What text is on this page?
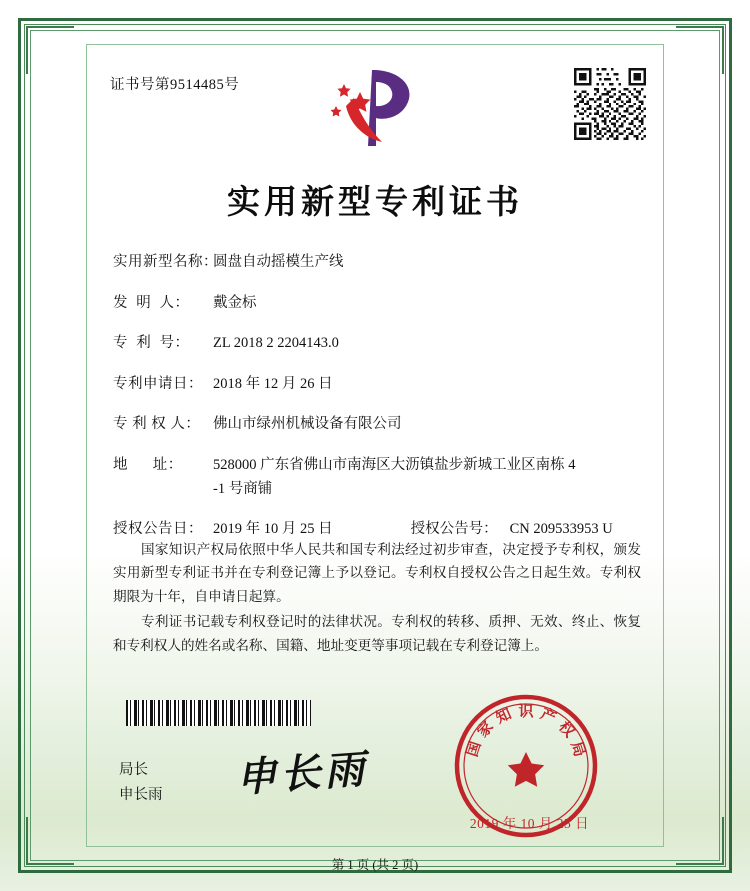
证书号第9514485号
实用新型专利证书
实用新型名称：
圆盘自动摇模生产线
发  明  人：	戴金标
专  利  号：	ZL 2018 2 2204143.0
专利申请日： 2018 年 12 月 26 日
专 利 权 人： 佛山市绿州机械设备有限公司
地      址：	528000 广东省佛山市南海区大沥镇盐步新城工业区南栋 4
-1 号商铺
授权公告日： 2019 年 10 月 25 日	授权公告号： CN 209533953 U

国家知识产权局依照中华人民共和国专利法经过初步审查，决定授予专利权，颁发实用新型专利证书并在专利登记簿上予以登记。专利权自授权公告之日起生效。专利权期限为十年，自申请日起算。

专利证书记载专利权登记时的法律状况。专利权的转移、质押、无效、终止、恢复和专利权人的姓名或名称、国籍、地址变更等事项记载在专利登记簿上。

局长
申长雨 申长雨	国
家
知 识 产
权
局
2019 年 10 月 25 日
第 1 页 (共 2 页)
